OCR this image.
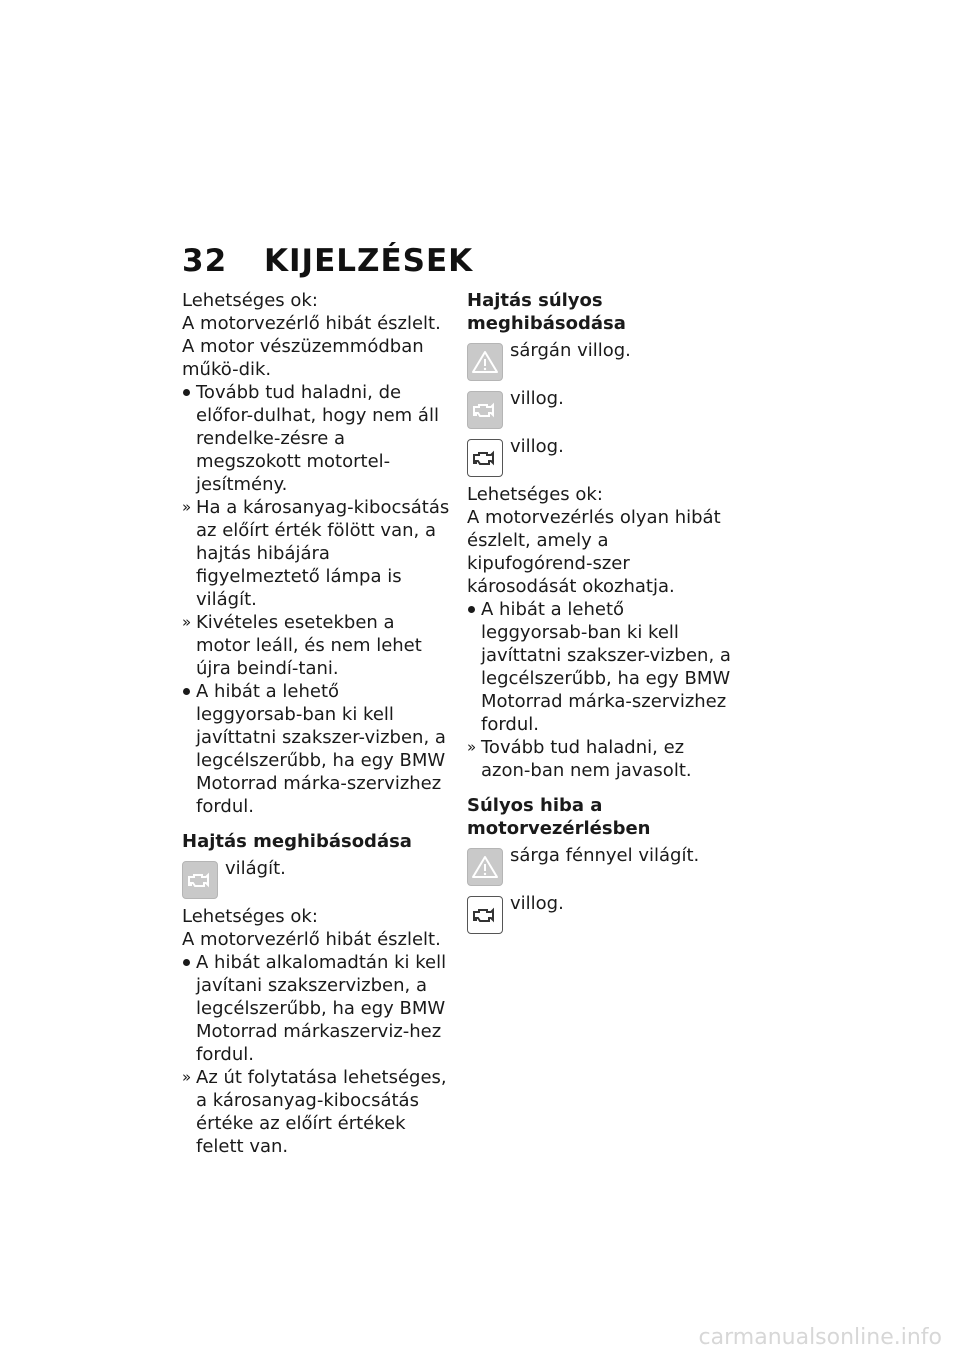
32 KIJELZÉSEK

Lehetséges ok:

A motorvezérlő hibát észlelt. A motor vészüzemmódban műkö-dik.

Tovább tud haladni, de előfor-dulhat, hogy nem áll rendelke-zésre a megszokott motortel-jesítmény.
» Ha a károsanyag-kibocsátás az előírt érték fölött van, a hajtás hibájára figyelmeztető lámpa is világít.
» Kivételes esetekben a motor leáll, és nem lehet újra beindí-tani.
A hibát a lehető leggyorsab-ban ki kell javíttatni szakszer-vizben, a legcélszerűbb, ha egy BMW Motorrad márka-szervizhez fordul.

Hajtás meghibásodása

világít.

Lehetséges ok:

A motorvezérlő hibát észlelt.

A hibát alkalomadtán ki kell javítani szakszervizben, a legcélszerűbb, ha egy BMW Motorrad márkaszerviz-hez fordul.
» Az út folytatása lehetséges, a károsanyag-kibocsátás értéke az előírt értékek felett van.

Hajtás súlyos meghibásodása

sárgán villog.
villog.
villog.

Lehetséges ok:

A motorvezérlés olyan hibát észlelt, amely a kipufogórend-szer károsodását okozhatja.

A hibát a lehető leggyorsab-ban ki kell javíttatni szakszer-vizben, a legcélszerűbb, ha egy BMW Motorrad márka-szervizhez fordul.
» Tovább tud haladni, ez azon-ban nem javasolt.

Súlyos hiba a
motorvezérlésben

sárga fénnyel világít.
villog.
carmanualsonline.info
